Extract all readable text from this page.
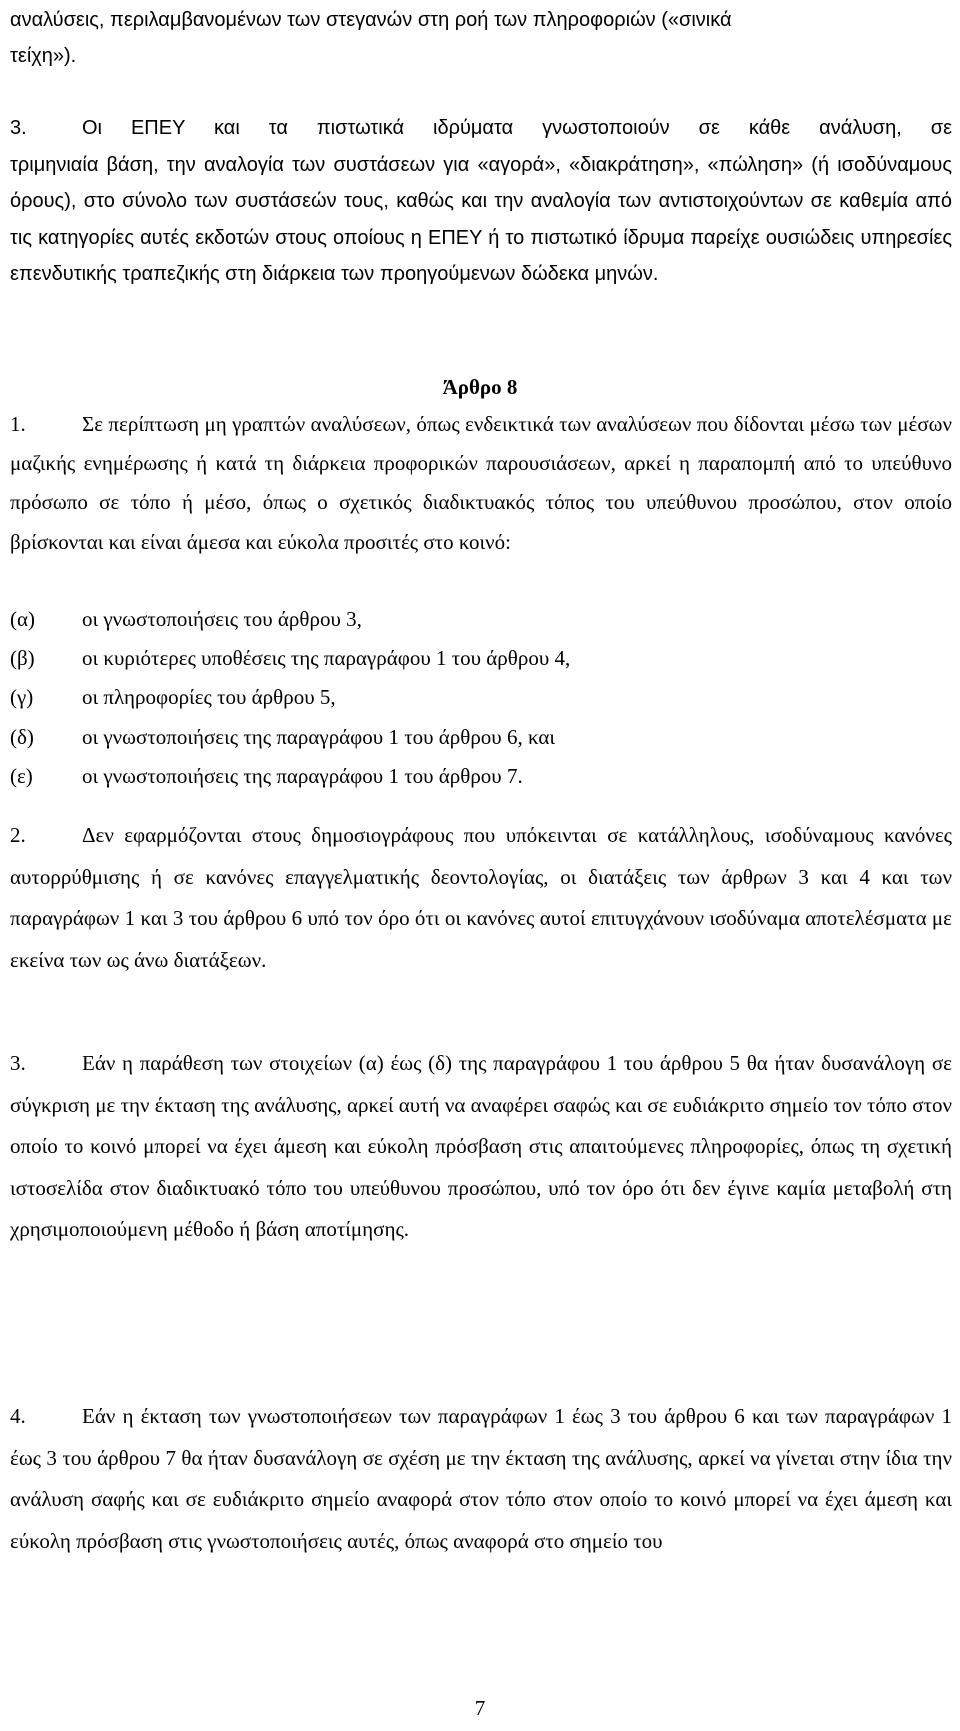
αναλύσεις, περιλαμβανομένων των στεγανών στη ροή των πληροφοριών («σινικά
τείχη»).
3.	Οι ΕΠΕΥ και τα πιστωτικά ιδρύματα γνωστοποιούν σε κάθε ανάλυση, σε
τριμηνιαία βάση, την αναλογία των συστάσεων για «αγορά», «διακράτηση», «πώληση» (ή ισοδύναμους όρους), στο σύνολο των συστάσεών τους, καθώς και την αναλογία των αντιστοιχούντων σε καθεμία από τις κατηγορίες αυτές εκδοτών στους οποίους η ΕΠΕΥ ή το πιστωτικό ίδρυμα παρείχε ουσιώδεις υπηρεσίες επενδυτικής τραπεζικής στη διάρκεια των προηγούμενων δώδεκα μηνών.
Άρθρο 8
1.	Σε περίπτωση μη γραπτών αναλύσεων, όπως ενδεικτικά των αναλύσεων που δίδονται μέσω των μέσων μαζικής ενημέρωσης ή κατά τη διάρκεια προφορικών παρουσιάσεων, αρκεί η παραπομπή από το υπεύθυνο πρόσωπο σε τόπο ή μέσο, όπως ο σχετικός διαδικτυακός τόπος του υπεύθυνου προσώπου, στον οποίο βρίσκονται και είναι άμεσα και εύκολα προσιτές στο κοινό:
(α)	οι γνωστοποιήσεις του άρθρου 3,
(β)	οι κυριότερες υποθέσεις της παραγράφου 1 του άρθρου 4,
(γ)	οι πληροφορίες του άρθρου 5,
(δ)	οι γνωστοποιήσεις της παραγράφου 1 του άρθρου 6, και
(ε)	οι γνωστοποιήσεις της παραγράφου 1 του άρθρου 7.
2.	Δεν εφαρμόζονται στους δημοσιογράφους που υπόκεινται σε κατάλληλους, ισοδύναμους κανόνες αυτορρύθμισης ή σε κανόνες επαγγελματικής δεοντολογίας, οι διατάξεις των άρθρων 3 και 4 και των παραγράφων 1 και 3 του άρθρου 6 υπό τον όρο ότι οι κανόνες αυτοί επιτυγχάνουν ισοδύναμα αποτελέσματα με εκείνα των ως άνω διατάξεων.
3.	Εάν η παράθεση των στοιχείων (α) έως (δ) της παραγράφου 1 του άρθρου 5 θα ήταν δυσανάλογη σε σύγκριση με την έκταση της ανάλυσης, αρκεί αυτή να αναφέρει σαφώς και σε ευδιάκριτο σημείο τον τόπο στον οποίο το κοινό μπορεί να έχει άμεση και εύκολη πρόσβαση στις απαιτούμενες πληροφορίες, όπως τη σχετική ιστοσελίδα στον διαδικτυακό τόπο του υπεύθυνου προσώπου, υπό τον όρο ότι δεν έγινε καμία μεταβολή στη χρησιμοποιούμενη μέθοδο ή βάση αποτίμησης.
4.	Εάν η έκταση των γνωστοποιήσεων των παραγράφων 1 έως 3 του άρθρου 6 και των παραγράφων 1 έως 3 του άρθρου 7 θα ήταν δυσανάλογη σε σχέση με την έκταση της ανάλυσης, αρκεί να γίνεται στην ίδια την ανάλυση σαφής και σε ευδιάκριτο σημείο αναφορά στον τόπο στον οποίο το κοινό μπορεί να έχει άμεση και εύκολη πρόσβαση στις γνωστοποιήσεις αυτές, όπως αναφορά στο σημείο του
7
